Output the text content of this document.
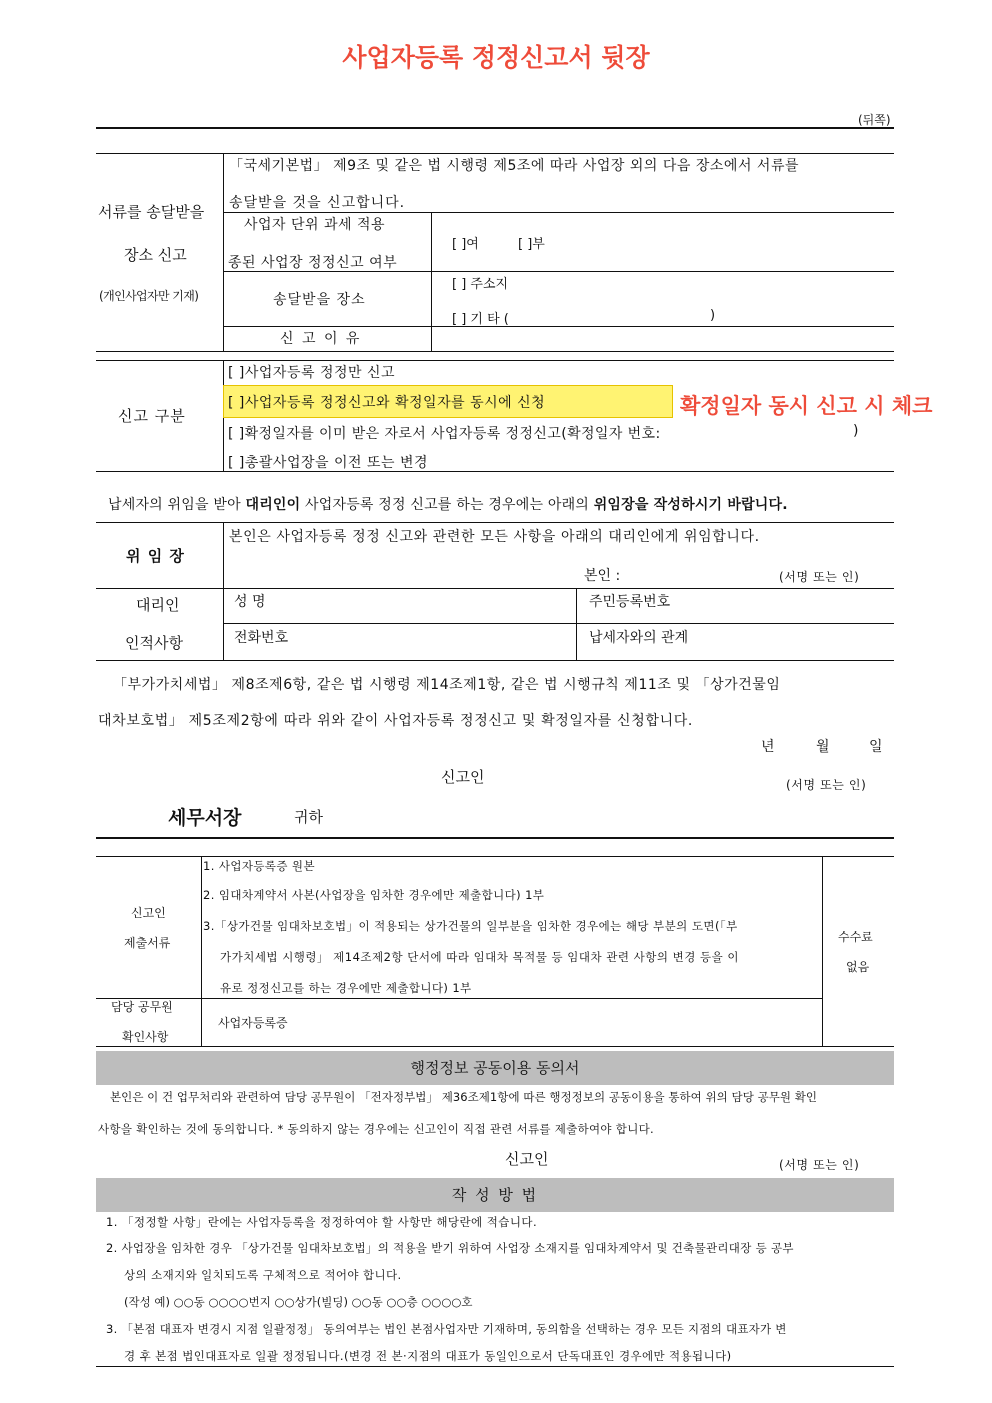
사업자등록 정정신고서 뒷장
(뒤쪽)
서류를 송달받을
장소 신고
(개인사업자만 기재)
「국세기본법」 제9조 및 같은 법 시행령 제5조에 따라 사업장 외의 다음 장소에서 서류를
송달받을 것을 신고합니다.
사업자 단위 과세 적용
종된 사업장 정정신고 여부
[ ]여	[ ]부
송달받을 장소
[ ] 주소지
[ ] 기 타 (	)
신 고 이 유
신고 구분
[ ]사업자등록 정정만 신고
[ ]사업자등록 정정신고와 확정일자를 동시에 신청
[ ]확정일자를 이미 받은 자로서 사업자등록 정정신고(확정일자 번호:	)
[ ]총괄사업장을 이전 또는 변경
확정일자 동시 신고 시 체크
납세자의 위임을 받아 대리인이 사업자등록 정정 신고를 하는 경우에는 아래의 위임장을 작성하시기 바랍니다.
위 임 장
본인은 사업자등록 정정 신고와 관련한 모든 사항을 아래의 대리인에게 위임합니다.
본인 :	(서명 또는 인)
대리인
인적사항
성 명	주민등록번호
전화번호	납세자와의 관계
「부가가치세법」 제8조제6항, 같은 법 시행령 제14조제1항, 같은 법 시행규칙 제11조 및 「상가건물임
대차보호법」 제5조제2항에 따라 위와 같이 사업자등록 정정신고 및 확정일자를 신청합니다.
년	월	일
신고인	(서명 또는 인)
세무서장	귀하
신고인
제출서류
1. 사업자등록증 원본
2. 임대차계약서 사본(사업장을 임차한 경우에만 제출합니다) 1부
3.「상가건물 임대차보호법」이 적용되는 상가건물의 일부분을 임차한 경우에는 해당 부분의 도면(「부
가가치세법 시행령」 제14조제2항 단서에 따라 임대차 목적물 등 임대차 관련 사항의 변경 등을 이
유로 정정신고를 하는 경우에만 제출합니다) 1부
수수료
없음
담당 공무원
확인사항
사업자등록증
행정정보 공동이용 동의서
본인은 이 건 업무처리와 관련하여 담당 공무원이 「전자정부법」 제36조제1항에 따른 행정정보의 공동이용을 통하여 위의 담당 공무원 확인
사항을 확인하는 것에 동의합니다. * 동의하지 않는 경우에는 신고인이 직접 관련 서류를 제출하여야 합니다.
신고인	(서명 또는 인)
작 성 방 법
1. 「정정할 사항」란에는 사업자등록을 정정하여야 할 사항만 해당란에 적습니다.
2. 사업장을 임차한 경우 「상가건물 임대차보호법」의 적용을 받기 위하여 사업장 소재지를 임대차계약서 및 건축물관리대장 등 공부
상의 소재지와 일치되도록 구체적으로 적어야 합니다.
(작성 예) ○○동 ○○○○번지 ○○상가(빌딩) ○○동 ○○층 ○○○○호
3. 「본점 대표자 변경시 지점 일괄정정」 동의여부는 법인 본점사업자만 기재하며, 동의함을 선택하는 경우 모든 지점의 대표자가 변
경 후 본점 법인대표자로 일괄 정정됩니다.(변경 전 본·지점의 대표가 동일인으로서 단독대표인 경우에만 적용됩니다)
